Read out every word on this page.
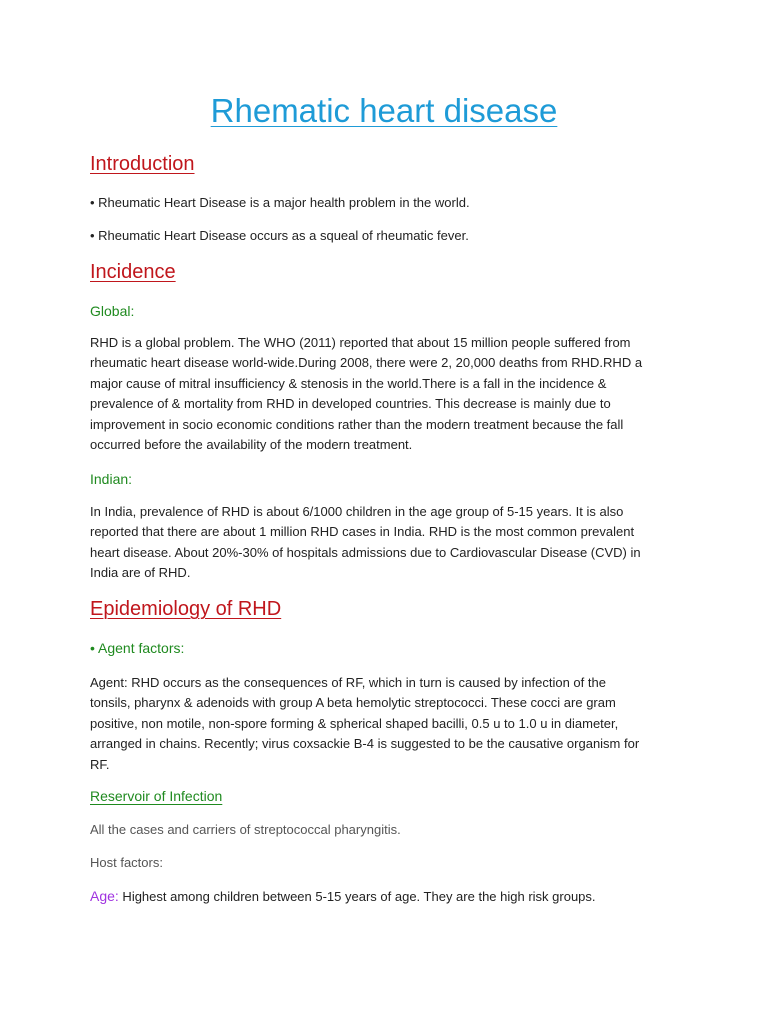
Rhematic heart disease
Introduction

• Rheumatic Heart Disease is a major health problem in the world.

• Rheumatic Heart Disease occurs as a squeal of rheumatic fever.

Incidence
Global:
RHD is a global problem. The WHO (2011) reported that about 15 million people suffered from
rheumatic heart disease world-wide.During 2008, there were 2, 20,000 deaths from RHD.RHD a
major cause of mitral insufficiency & stenosis in the world.There is a fall in the incidence &
prevalence of & mortality from RHD in developed countries. This decrease is mainly due to
improvement in socio economic conditions rather than the modern treatment because the fall
occurred before the availability of the modern treatment.
Indian:
In India, prevalence of RHD is about 6/1000 children in the age group of 5-15 years. It is also
reported that there are about 1 million RHD cases in India. RHD is the most common prevalent
heart disease. About 20%-30% of hospitals admissions due to Cardiovascular Disease (CVD) in
India are of RHD.
Epidemiology of RHD
• Agent factors:
Agent: RHD occurs as the consequences of RF, which in turn is caused by infection of the
tonsils, pharynx & adenoids with group A beta hemolytic streptococci. These cocci are gram
positive, non motile, non-spore forming & spherical shaped bacilli, 0.5 u to 1.0 u in diameter,
arranged in chains. Recently; virus coxsackie B-4 is suggested to be the causative organism for
RF.
Reservoir of Infection

All the cases and carriers of streptococcal pharyngitis.

Host factors:

Age: Highest among children between 5-15 years of age. They are the high risk groups.
